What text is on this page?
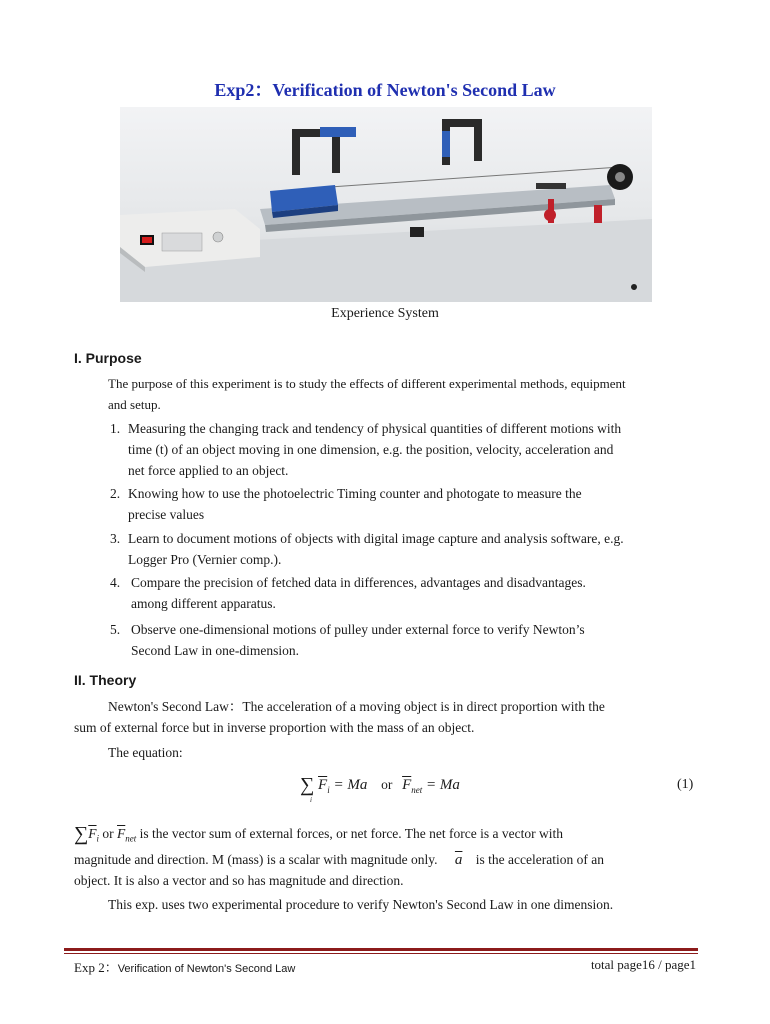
Exp2：Verification of Newton's Second Law
Experience System
I. Purpose
The purpose of this experiment is to study the effects of different experimental methods, equipment
and setup.
1. Measuring the changing track and tendency of physical quantities of different motions with
time (t) of an object moving in one dimension, e.g. the position, velocity, acceleration and
net force applied to an object.
2. Knowing how to use the photoelectric Timing counter and photogate to measure the
precise values
3. Learn to document motions of objects with digital image capture and analysis software, e.g.
Logger Pro (Vernier comp.).
4. Compare the precision of fetched data in differences, advantages and disadvantages.
among different apparatus.
5. Observe one-dimensional motions of pulley under external force to verify Newton’s
Second Law in one-dimension.
II. Theory
Newton's Second Law：The acceleration of a moving object is in direct proportion with the
sum of external force but in inverse proportion with the mass of an object.
The equation:
∑
i
$\overline{F}_i = Ma$ or $\overline{F}_{net} = Ma$	(1)
$\sum\overline{F}_i$ or $\overline{F}_{net}$ is the vector sum of external forces, or net force. The net force is a vector with
magnitude and direction. M (mass) is a scalar with magnitude only. $\overline{a}$ is the acceleration of an
object. It is also a vector and so has magnitude and direction.
This exp. uses two experimental procedure to verify Newton's Second Law in one dimension.
Exp 2：Verification of Newton's Second Law	total page16 / page1
